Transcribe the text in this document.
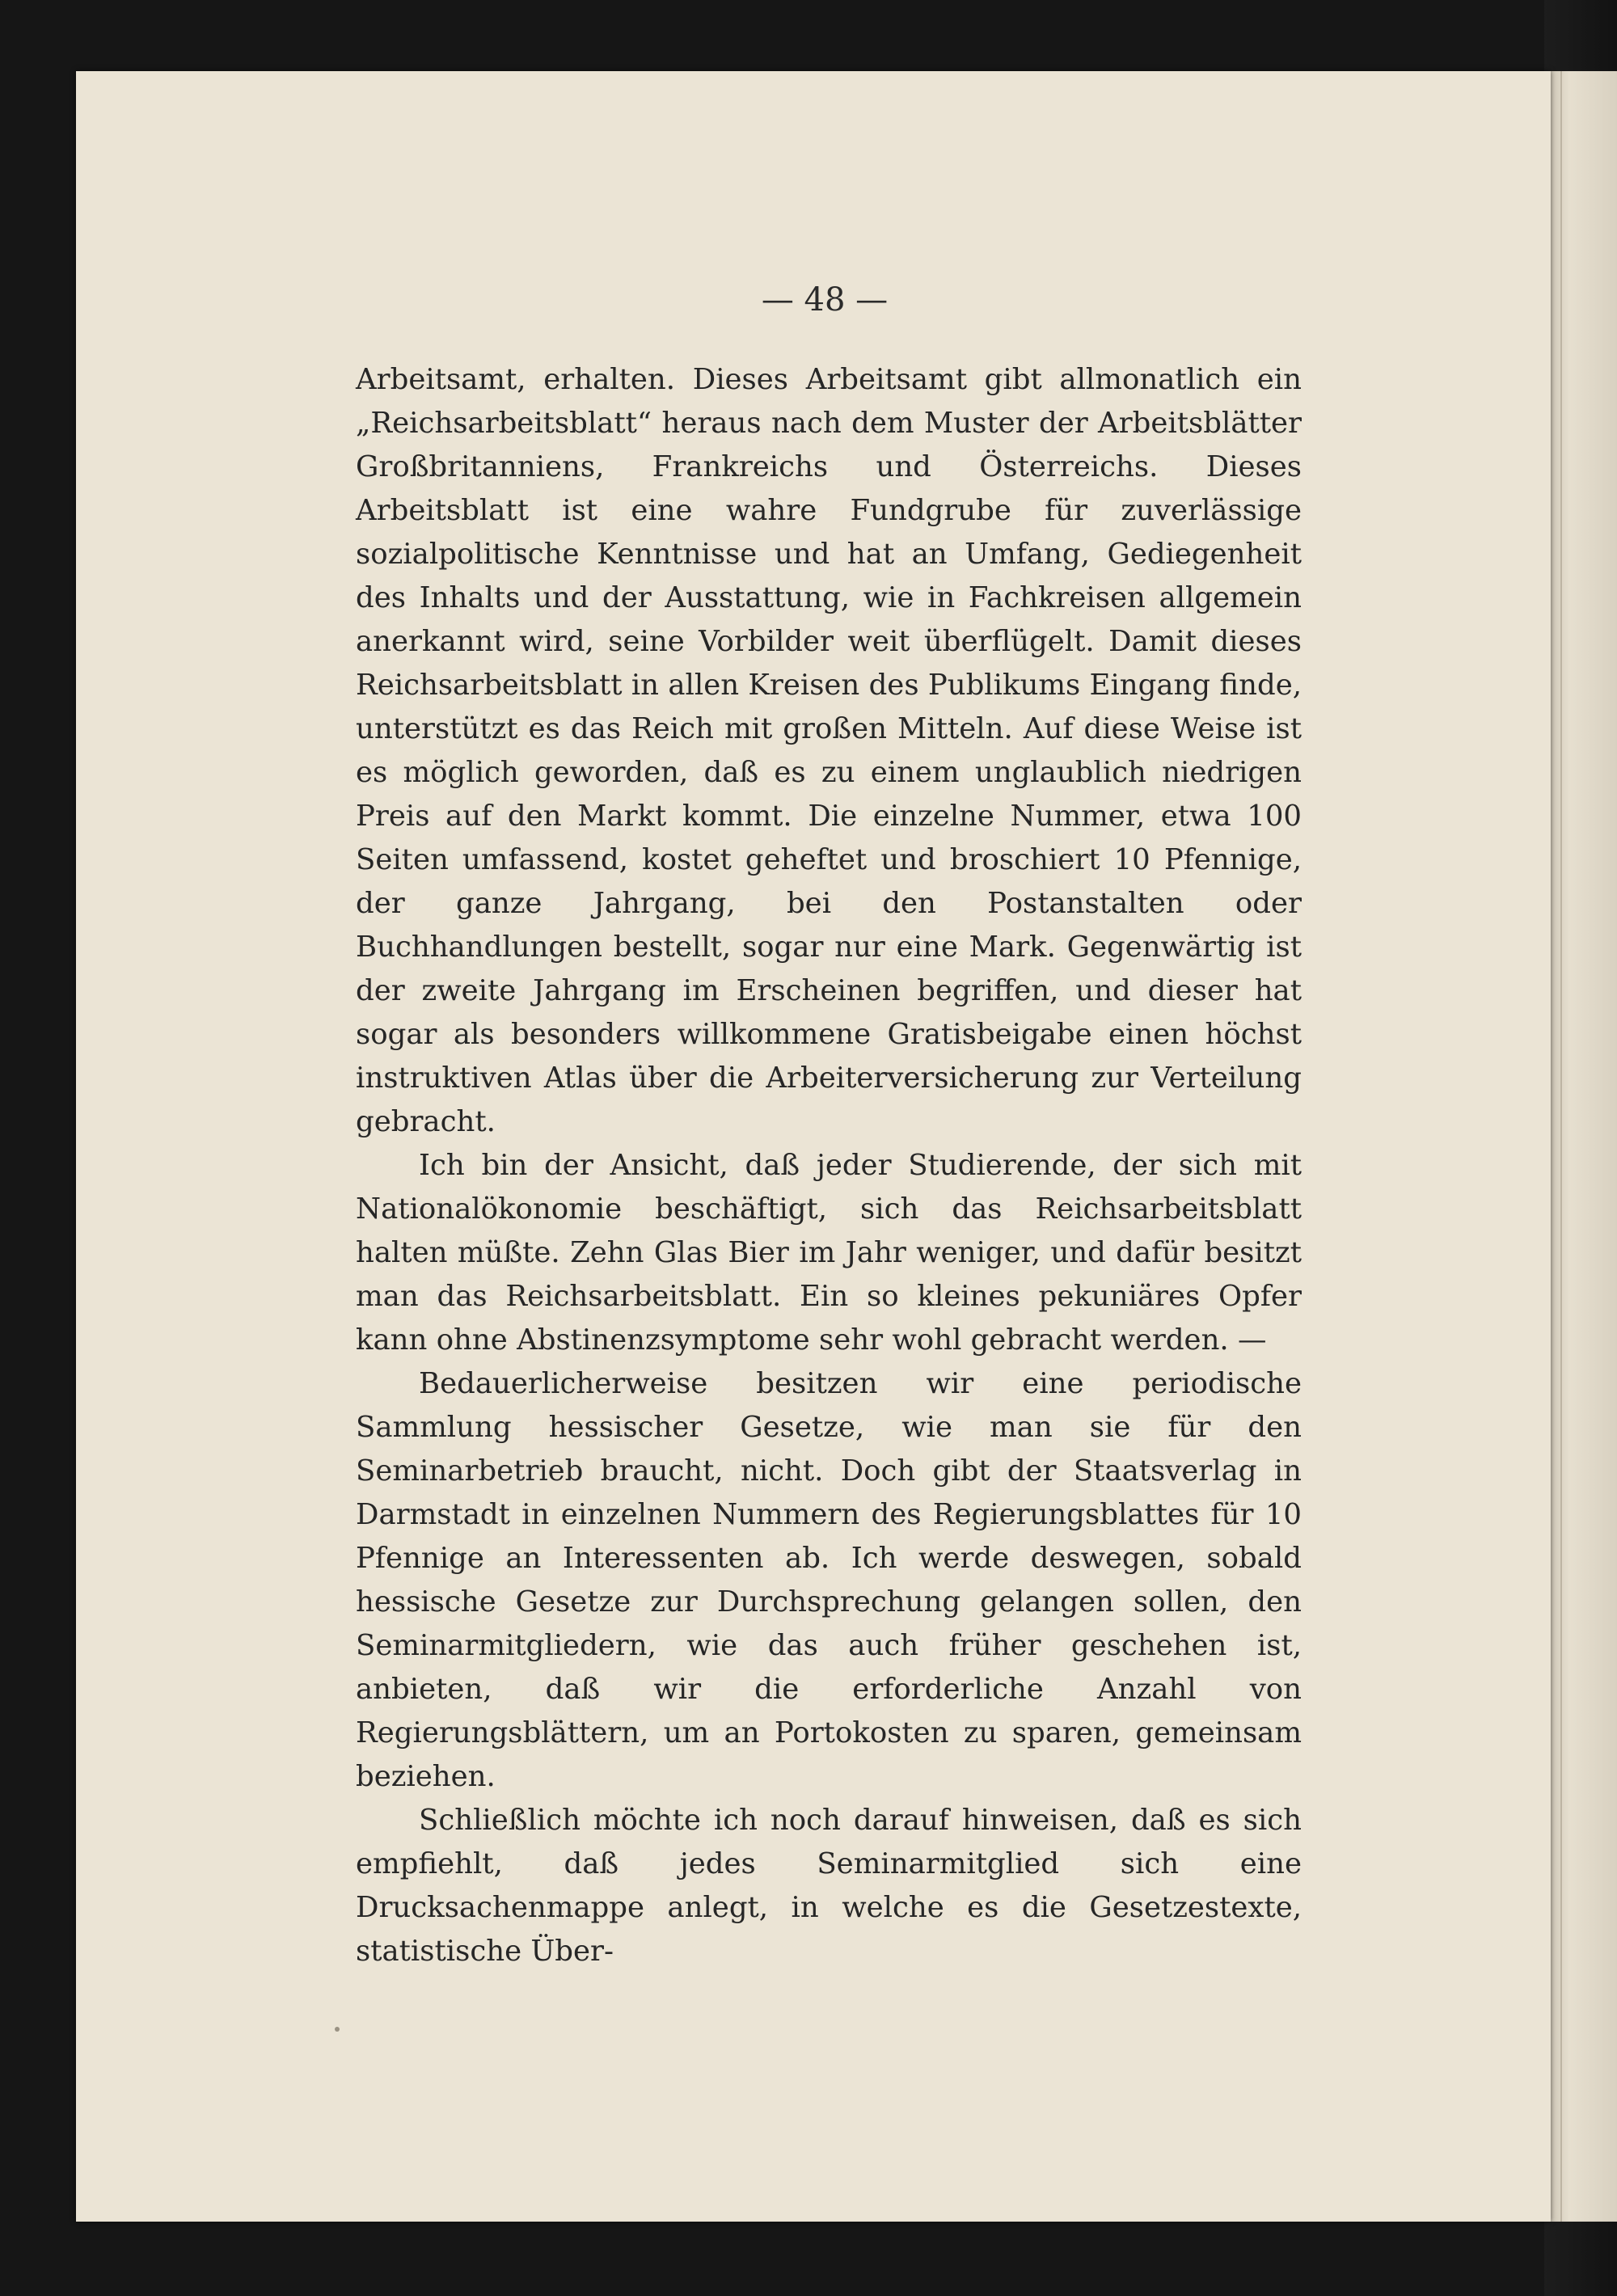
— 48 —

Arbeitsamt, erhalten. Dieses Arbeitsamt gibt allmonatlich ein „Reichsarbeitsblatt“ heraus nach dem Muster der Arbeitsblätter Großbritanniens, Frankreichs und Österreichs. Dieses Arbeitsblatt ist eine wahre Fundgrube für zuverlässige sozialpolitische Kenntnisse und hat an Umfang, Gediegenheit des Inhalts und der Ausstattung, wie in Fachkreisen allgemein anerkannt wird, seine Vorbilder weit überflügelt. Damit dieses Reichsarbeitsblatt in allen Kreisen des Publikums Eingang finde, unterstützt es das Reich mit großen Mitteln. Auf diese Weise ist es möglich geworden, daß es zu einem unglaublich niedrigen Preis auf den Markt kommt. Die einzelne Nummer, etwa 100 Seiten umfassend, kostet geheftet und broschiert 10 Pfennige, der ganze Jahrgang, bei den Postanstalten oder Buchhandlungen bestellt, sogar nur eine Mark. Gegenwärtig ist der zweite Jahrgang im Erscheinen begriffen, und dieser hat sogar als besonders willkommene Gratisbeigabe einen höchst instruktiven Atlas über die Arbeiterversicherung zur Verteilung gebracht.

Ich bin der Ansicht, daß jeder Studierende, der sich mit Nationalökonomie beschäftigt, sich das Reichsarbeitsblatt halten müßte. Zehn Glas Bier im Jahr weniger, und dafür besitzt man das Reichsarbeitsblatt. Ein so kleines pekuniäres Opfer kann ohne Abstinenzsymptome sehr wohl gebracht werden. —

Bedauerlicherweise besitzen wir eine periodische Sammlung hessischer Gesetze, wie man sie für den Seminarbetrieb braucht, nicht. Doch gibt der Staatsverlag in Darmstadt in einzelnen Nummern des Regierungsblattes für 10 Pfennige an Interessenten ab. Ich werde deswegen, sobald hessische Gesetze zur Durchsprechung gelangen sollen, den Seminarmitgliedern, wie das auch früher geschehen ist, anbieten, daß wir die erforderliche Anzahl von Regierungsblättern, um an Portokosten zu sparen, gemeinsam beziehen.

Schließlich möchte ich noch darauf hinweisen, daß es sich empfiehlt, daß jedes Seminarmitglied sich eine Drucksachenmappe anlegt, in welche es die Gesetzestexte, statistische Über-
